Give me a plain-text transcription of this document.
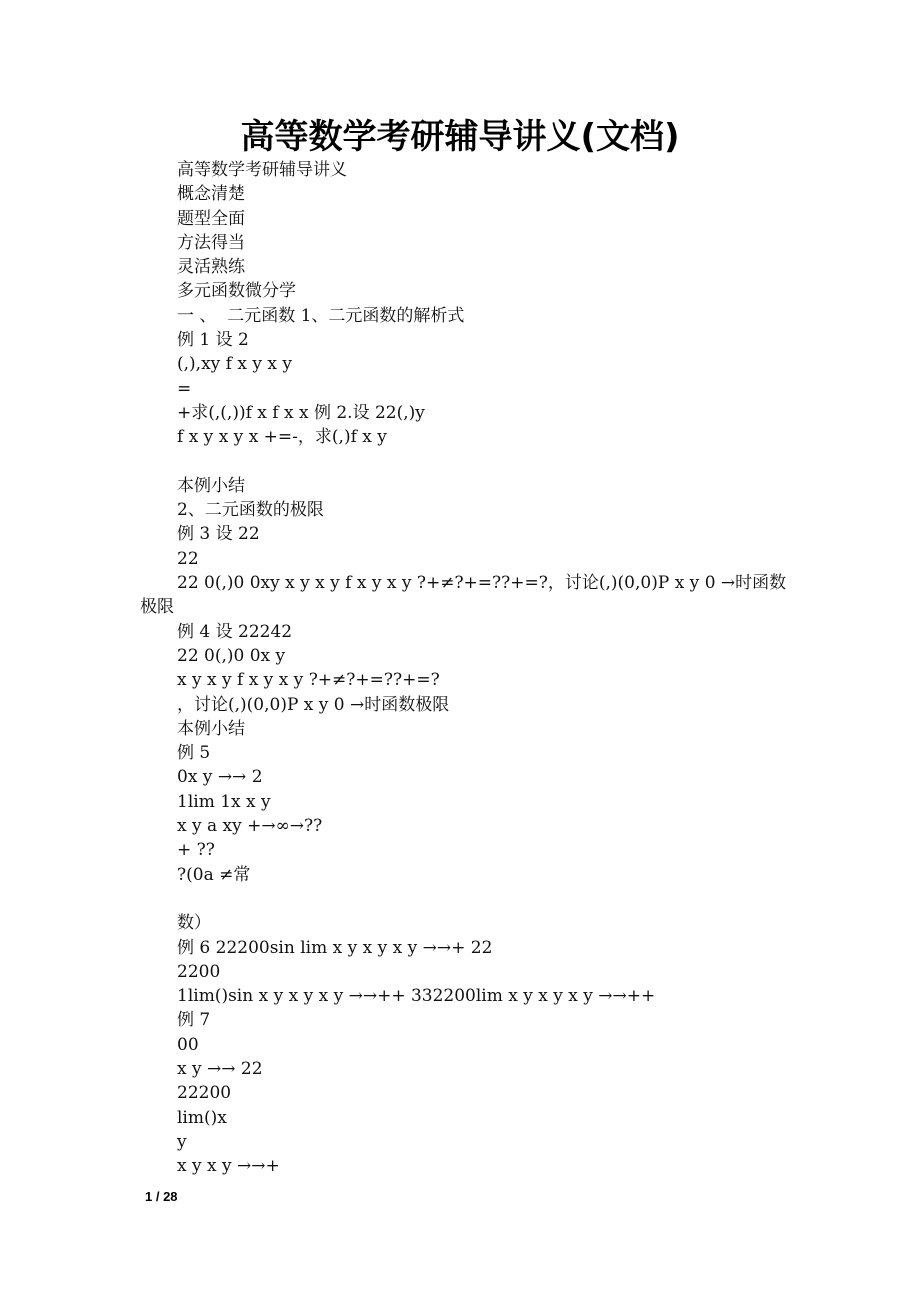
高等数学考研辅导讲义(文档)
高等数学考研辅导讲义
概念清楚
题型全面
方法得当
灵活熟练
多元函数微分学
一 、  二元函数 1、二元函数的解析式
例 1 设 2
(,),xy f x y x y
=
+求(,(,))f x f x x 例 2.设 22(,)y
f x y x y x +=-，求(,)f x y
本例小结
2、二元函数的极限
例 3 设 22
22
22 0(,)0 0xy x y x y f x y x y ?+≠?+=??+=?，讨论(,)(0,0)P x y 0 →时函数
极限
例 4 设 22242
22 0(,)0 0x y
x y x y f x y x y ?+≠?+=??+=?
，讨论(,)(0,0)P x y 0 →时函数极限
本例小结
例 5
0x y →→ 2
1lim 1x x y
x y a xy +→∞→??
+ ??
?(0a ≠常
数）
例 6 22200sin lim x y x y x y →→+ 22
2200
1lim()sin x y x y x y →→++ 332200lim x y x y x y →→++
例 7
00
x y →→ 22
22200
lim()x
y
x y x y →→+
1 / 28
